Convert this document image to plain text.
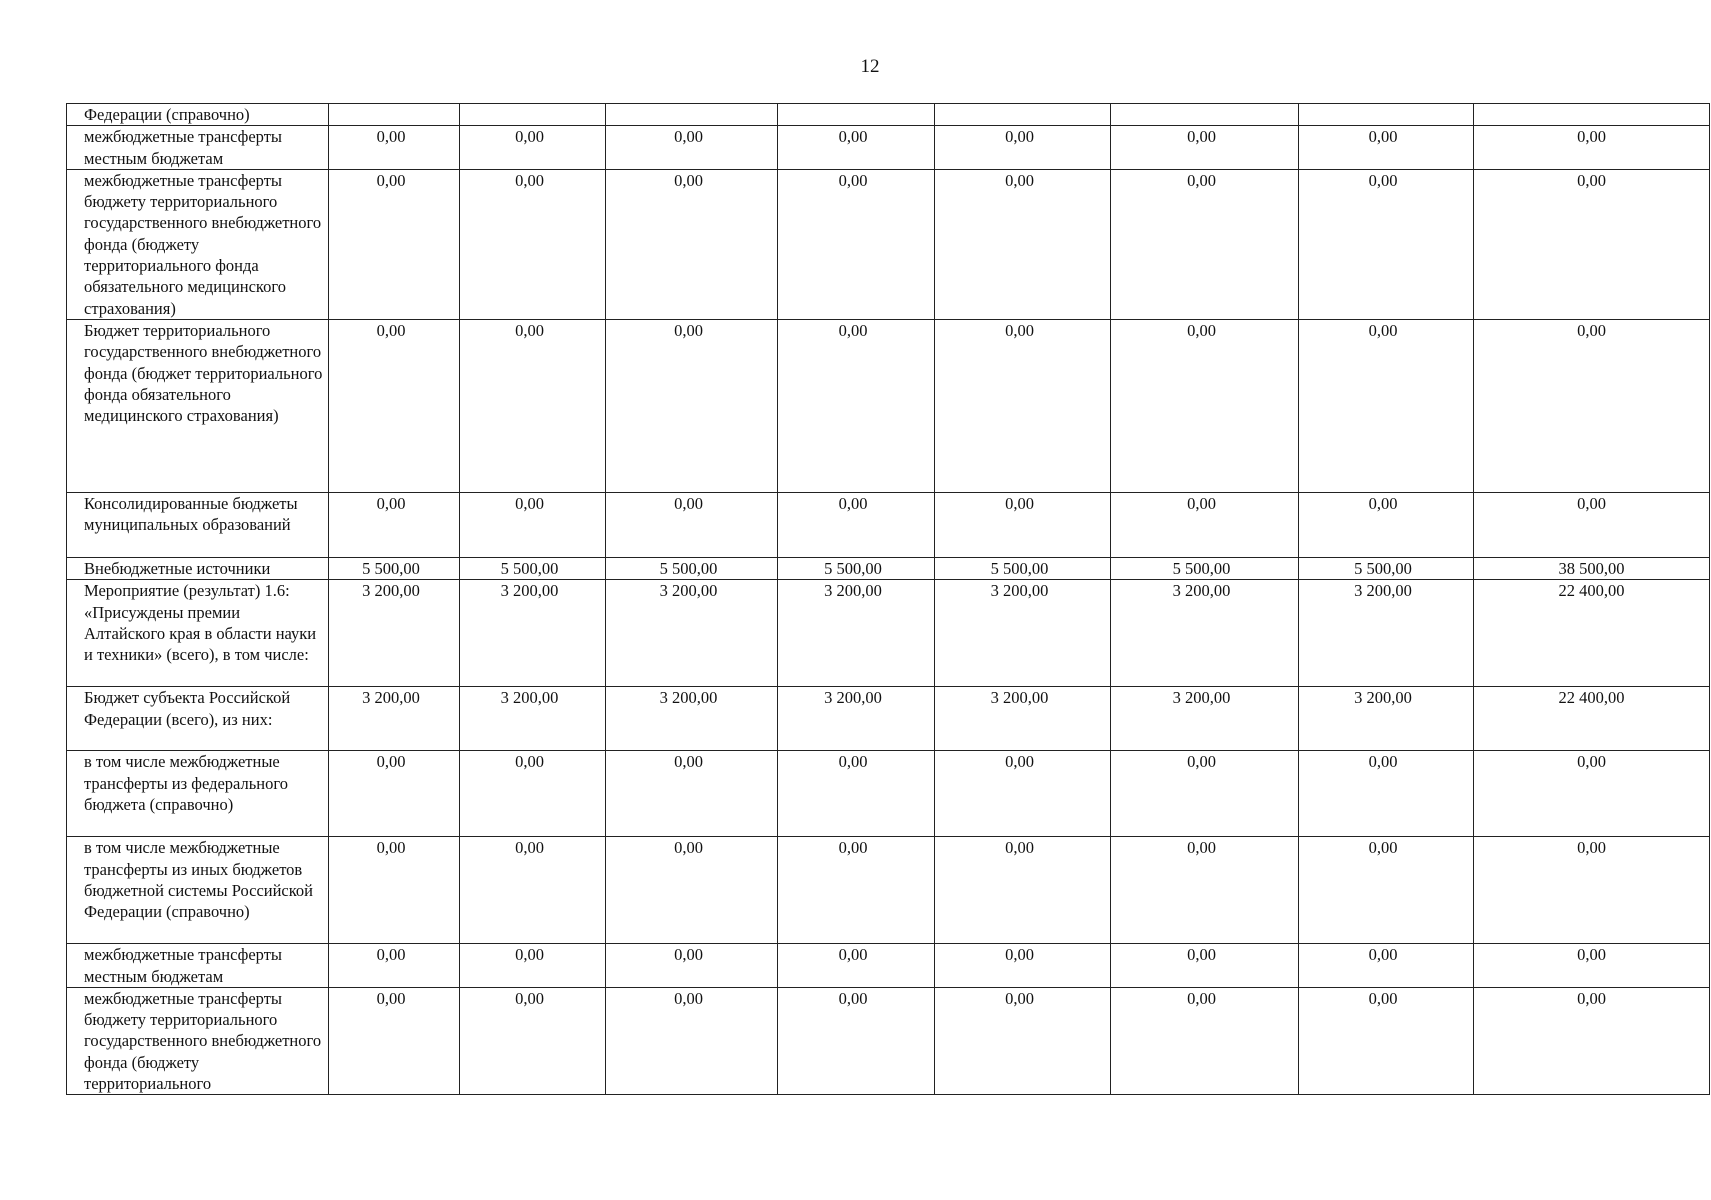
12
Федерации (справочно)								
межбюджетные трансферты местным бюджетам	0,00	0,00	0,00	0,00	0,00	0,00	0,00	0,00
межбюджетные трансферты бюджету территориального государственного внебюджетного фонда (бюджету территориального фонда обязательного медицинского страхования)	0,00	0,00	0,00	0,00	0,00	0,00	0,00	0,00
Бюджет территориального государственного внебюджетного фонда (бюджет территориального фонда обязательного медицинского страхования)	0,00	0,00	0,00	0,00	0,00	0,00	0,00	0,00
Консолидированные бюджеты муниципальных образований	0,00	0,00	0,00	0,00	0,00	0,00	0,00	0,00
Внебюджетные источники	5 500,00	5 500,00	5 500,00	5 500,00	5 500,00	5 500,00	5 500,00	38 500,00
Мероприятие (результат) 1.6: «Присуждены премии Алтайского края в области науки и техники» (всего), в том числе:	3 200,00	3 200,00	3 200,00	3 200,00	3 200,00	3 200,00	3 200,00	22 400,00
Бюджет субъекта Российской Федерации (всего), из них:	3 200,00	3 200,00	3 200,00	3 200,00	3 200,00	3 200,00	3 200,00	22 400,00
в том числе межбюджетные трансферты из федерального бюджета (справочно)	0,00	0,00	0,00	0,00	0,00	0,00	0,00	0,00
в том числе межбюджетные трансферты из иных бюджетов бюджетной системы Российской Федерации (справочно)	0,00	0,00	0,00	0,00	0,00	0,00	0,00	0,00
межбюджетные трансферты местным бюджетам	0,00	0,00	0,00	0,00	0,00	0,00	0,00	0,00
межбюджетные трансферты бюджету территориального государственного внебюджетного фонда (бюджету территориального	0,00	0,00	0,00	0,00	0,00	0,00	0,00	0,00
